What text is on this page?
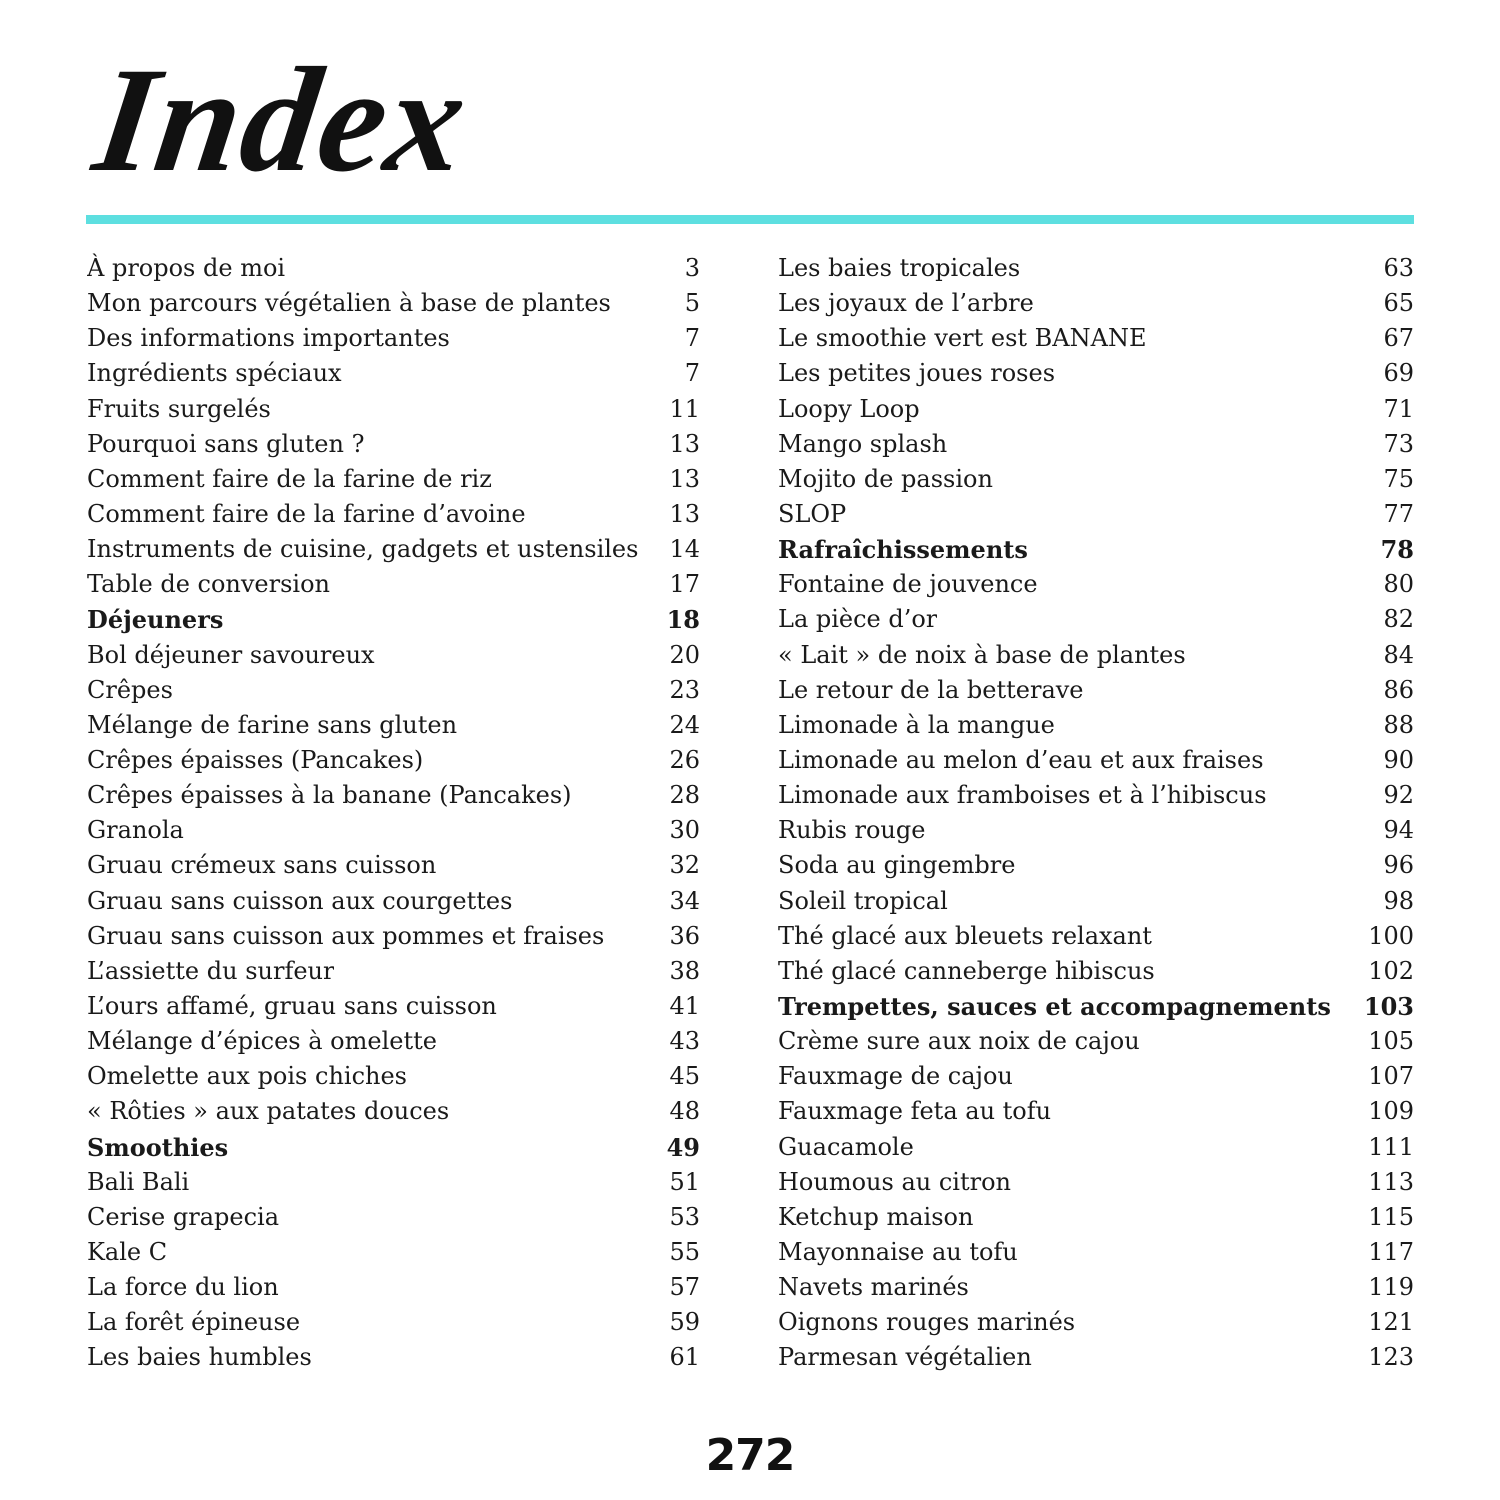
Index
À propos de moi	3
Mon parcours végétalien à base de plantes	5
Des informations importantes	7
Ingrédients spéciaux	7
Fruits surgelés	11
Pourquoi sans gluten ?	13
Comment faire de la farine de riz	13
Comment faire de la farine d’avoine	13
Instruments de cuisine, gadgets et ustensiles	14
Table de conversion	17
Déjeuners	18
Bol déjeuner savoureux	20
Crêpes	23
Mélange de farine sans gluten	24
Crêpes épaisses (Pancakes)	26
Crêpes épaisses à la banane (Pancakes)	28
Granola	30
Gruau crémeux sans cuisson	32
Gruau sans cuisson aux courgettes	34
Gruau sans cuisson aux pommes et fraises	36
L’assiette du surfeur	38
L’ours affamé, gruau sans cuisson	41
Mélange d’épices à omelette	43
Omelette aux pois chiches	45
« Rôties » aux patates douces	48
Smoothies	49
Bali Bali	51
Cerise grapecia	53
Kale C	55
La force du lion	57
La forêt épineuse	59
Les baies humbles	61
Les baies tropicales	63
Les joyaux de l’arbre	65
Le smoothie vert est BANANE	67
Les petites joues roses	69
Loopy Loop	71
Mango splash	73
Mojito de passion	75
SLOP	77
Rafraîchissements	78
Fontaine de jouvence	80
La pièce d’or	82
« Lait » de noix à base de plantes	84
Le retour de la betterave	86
Limonade à la mangue	88
Limonade au melon d’eau et aux fraises	90
Limonade aux framboises et à l’hibiscus	92
Rubis rouge	94
Soda au gingembre	96
Soleil tropical	98
Thé glacé aux bleuets relaxant	100
Thé glacé canneberge hibiscus	102
Trempettes, sauces et accompagnements	103
Crème sure aux noix de cajou	105
Fauxmage de cajou	107
Fauxmage feta au tofu	109
Guacamole	111
Houmous au citron	113
Ketchup maison	115
Mayonnaise au tofu	117
Navets marinés	119
Oignons rouges marinés	121
Parmesan végétalien	123
272
